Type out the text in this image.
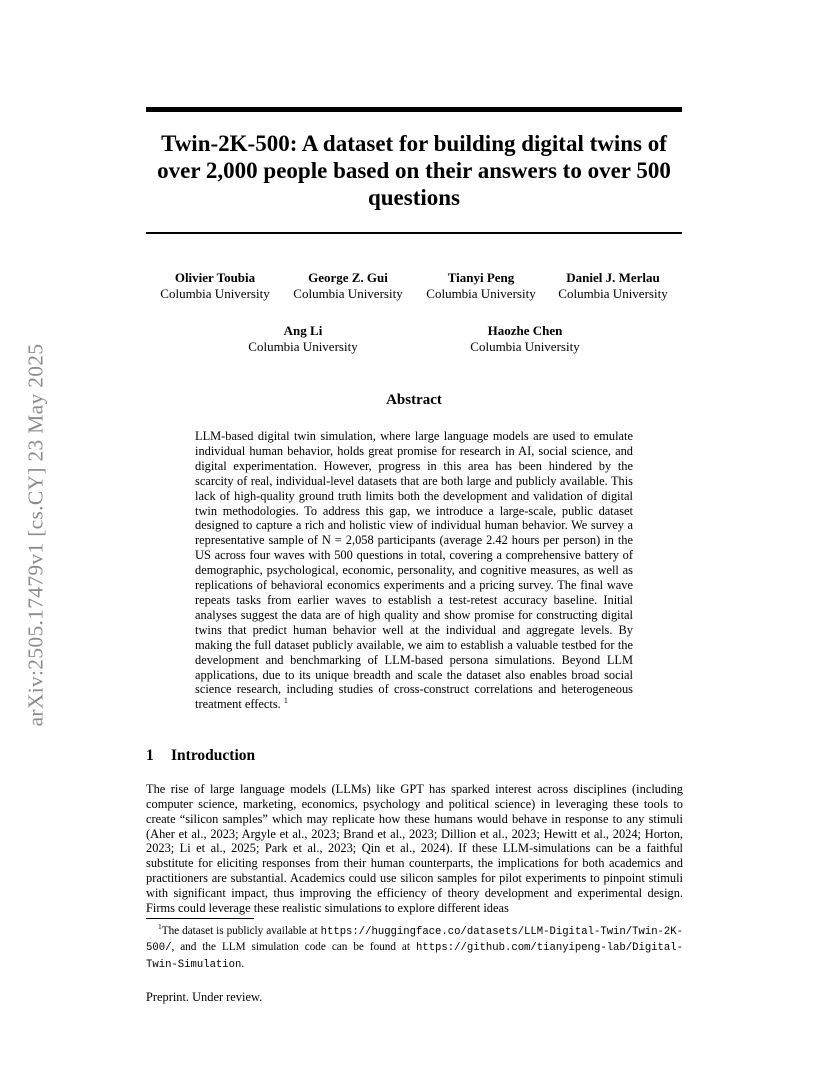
arXiv:2505.17479v1 [cs.CY] 23 May 2025
Twin-2K-500: A dataset for building digital twins of over 2,000 people based on their answers to over 500 questions
Olivier Toubia
Columbia University
George Z. Gui
Columbia University
Tianyi Peng
Columbia University
Daniel J. Merlau
Columbia University
Ang Li
Columbia University
Haozhe Chen
Columbia University
Abstract

LLM-based digital twin simulation, where large language models are used to emulate individual human behavior, holds great promise for research in AI, social science, and digital experimentation. However, progress in this area has been hindered by the scarcity of real, individual-level datasets that are both large and publicly available. This lack of high-quality ground truth limits both the development and validation of digital twin methodologies. To address this gap, we introduce a large-scale, public dataset designed to capture a rich and holistic view of individual human behavior. We survey a representative sample of N = 2,058 participants (average 2.42 hours per person) in the US across four waves with 500 questions in total, covering a comprehensive battery of demographic, psychological, economic, personality, and cognitive measures, as well as replications of behavioral economics experiments and a pricing survey. The final wave repeats tasks from earlier waves to establish a test-retest accuracy baseline. Initial analyses suggest the data are of high quality and show promise for constructing digital twins that predict human behavior well at the individual and aggregate levels. By making the full dataset publicly available, we aim to establish a valuable testbed for the development and benchmarking of LLM-based persona simulations. Beyond LLM applications, due to its unique breadth and scale the dataset also enables broad social science research, including studies of cross-construct correlations and heterogeneous treatment effects. $^1$

1 Introduction

The rise of large language models (LLMs) like GPT has sparked interest across disciplines (including computer science, marketing, economics, psychology and political science) in leveraging these tools to create “silicon samples” which may replicate how these humans would behave in response to any stimuli (Aher et al., 2023; Argyle et al., 2023; Brand et al., 2023; Dillion et al., 2023; Hewitt et al., 2024; Horton, 2023; Li et al., 2025; Park et al., 2023; Qin et al., 2024). If these LLM-simulations can be a faithful substitute for eliciting responses from their human counterparts, the implications for both academics and practitioners are substantial. Academics could use silicon samples for pilot experiments to pinpoint stimuli with significant impact, thus improving the efficiency of theory development and experimental design. Firms could leverage these realistic simulations to explore different ideas

$^1$The dataset is publicly available at https://huggingface.co/datasets/LLM-Digital-Twin/Twin-2K-500/, and the LLM simulation code can be found at https://github.com/tianyipeng-lab/Digital-Twin-Simulation.

Preprint. Under review.
